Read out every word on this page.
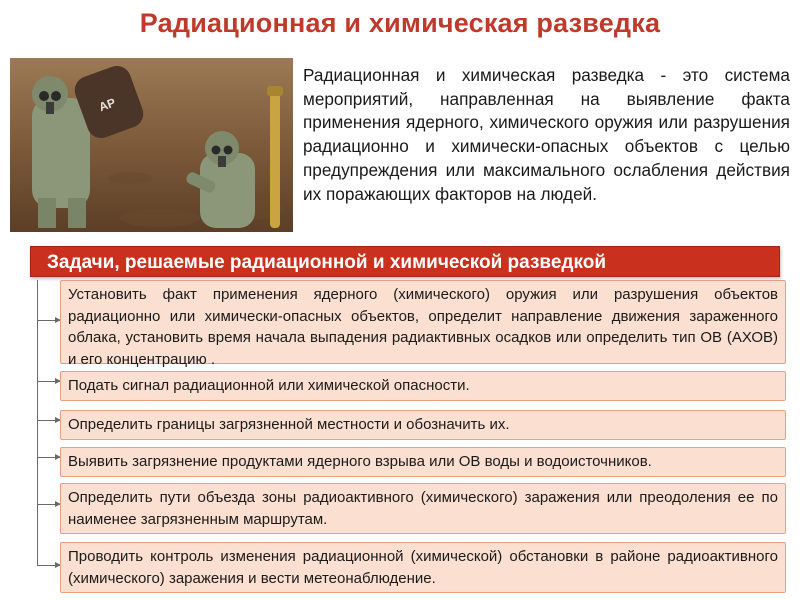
Радиационная и химическая разведка
AP
Радиационная и химическая разведка - это система мероприятий, направленная на выявление факта применения ядерного, химического оружия или разрушения радиационно и химически-опасных объектов с целью предупреждения или максимального ослабления действия их поражающих факторов на людей.
Задачи, решаемые радиационной и химической разведкой
Установить факт применения ядерного (химического) оружия или разрушения объектов радиационно или химически-опасных объектов, определит направление движения зараженного облака, установить время начала выпадения радиактивных осадков или определить тип ОВ (АХОВ) и его концентрацию .
Подать сигнал радиационной или химической опасности.
Определить границы загрязненной местности и обозначить их.
Выявить загрязнение продуктами ядерного взрыва или ОВ воды и водоисточников.
Определить пути объезда зоны радиоактивного (химического) заражения или преодоления ее по наименее загрязненным маршрутам.
Проводить контроль изменения радиационной (химической) обстановки в районе радиоактивного (химического) заражения и вести метеонаблюдение.
